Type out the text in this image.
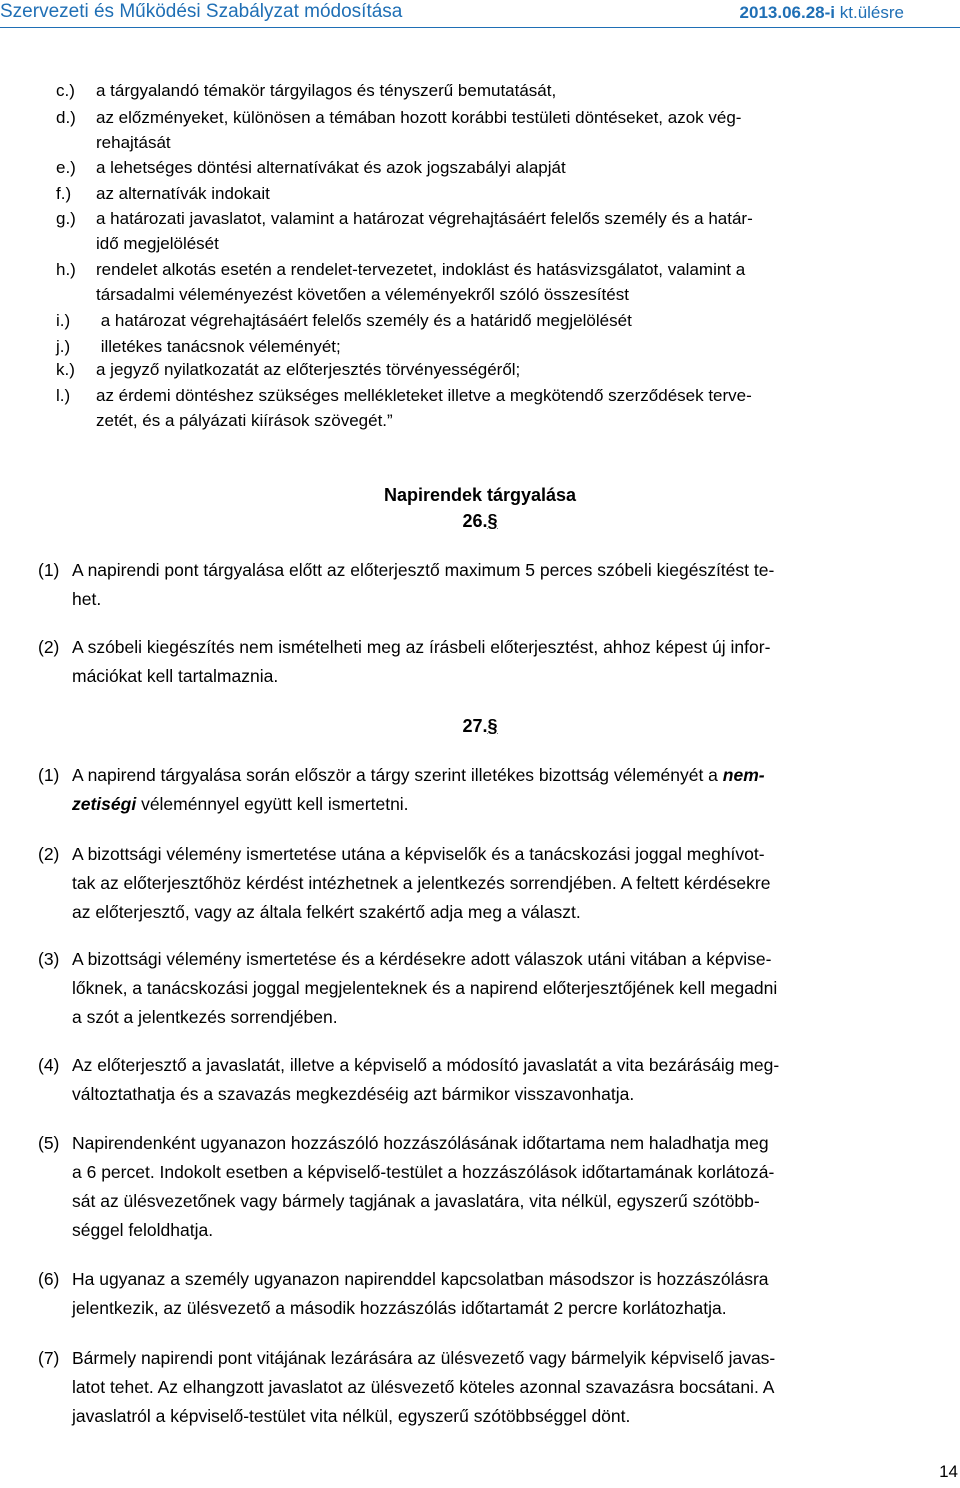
Szervezeti és Működési Szabályzat módosítása	2013.06.28-i kt.ülésre
c.) a tárgyalandó témakör tárgyilagos és tényszerű bemutatását,
d.) az előzményeket, különösen a témában hozott korábbi testületi döntéseket, azok vég-
rehajtását
e.) a lehetséges döntési alternatívákat és azok jogszabályi alapját
f.) az alternatívák indokait
g.) a határozati javaslatot, valamint a határozat végrehajtásáért felelős személy és a határ-
idő megjelölését
h.) rendelet alkotás esetén a rendelet-tervezetet, indoklást és hatásvizsgálatot, valamint a
társadalmi véleményezést követően a véleményekről szóló összesítést
i.) a határozat végrehajtásáért felelős személy és a határidő megjelölését
j.) illetékes tanácsnok véleményét;
k.) a jegyző nyilatkozatát az előterjesztés törvényességéről;
l.) az érdemi döntéshez szükséges mellékleteket illetve a megkötendő szerződések terve-
zetét, és a pályázati kiírások szövegét.”
Napirendek tárgyalása
26.§
(1) A napirendi pont tárgyalása előtt az előterjesztő maximum 5 perces szóbeli kiegészítést te-
het.
(2) A szóbeli kiegészítés nem ismételheti meg az írásbeli előterjesztést, ahhoz képest új infor-
mációkat kell tartalmaznia.
27.§
(1) A napirend tárgyalása során először a tárgy szerint illetékes bizottság véleményét a nem-
zetiségi véleménnyel együtt kell ismertetni.
(2) A bizottsági vélemény ismertetése utána a képviselők és a tanácskozási joggal meghívot-
tak az előterjesztőhöz kérdést intézhetnek a jelentkezés sorrendjében. A feltett kérdésekre
az előterjesztő, vagy az általa felkért szakértő adja meg a választ.
(3) A bizottsági vélemény ismertetése és a kérdésekre adott válaszok utáni vitában a képvise-
lőknek, a tanácskozási joggal megjelenteknek és a napirend előterjesztőjének kell megadni
a szót a jelentkezés sorrendjében.
(4) Az előterjesztő a javaslatát, illetve a képviselő a módosító javaslatát a vita bezárásáig meg-
változtathatja és a szavazás megkezdéséig azt bármikor visszavonhatja.
(5) Napirendenként ugyanazon hozzászóló hozzászólásának időtartama nem haladhatja meg
a 6 percet. Indokolt esetben a képviselő-testület a hozzászólások időtartamának korlátozá-
sát az ülésvezetőnek vagy bármely tagjának a javaslatára, vita nélkül, egyszerű szótöbb-
séggel feloldhatja.
(6) Ha ugyanaz a személy ugyanazon napirenddel kapcsolatban másodszor is hozzászólásra
jelentkezik, az ülésvezető a második hozzászólás időtartamát 2 percre korlátozhatja.
(7) Bármely napirendi pont vitájának lezárására az ülésvezető vagy bármelyik képviselő javas-
latot tehet. Az elhangzott javaslatot az ülésvezető köteles azonnal szavazásra bocsátani. A
javaslatról a képviselő-testület vita nélkül, egyszerű szótöbbséggel dönt.
14
